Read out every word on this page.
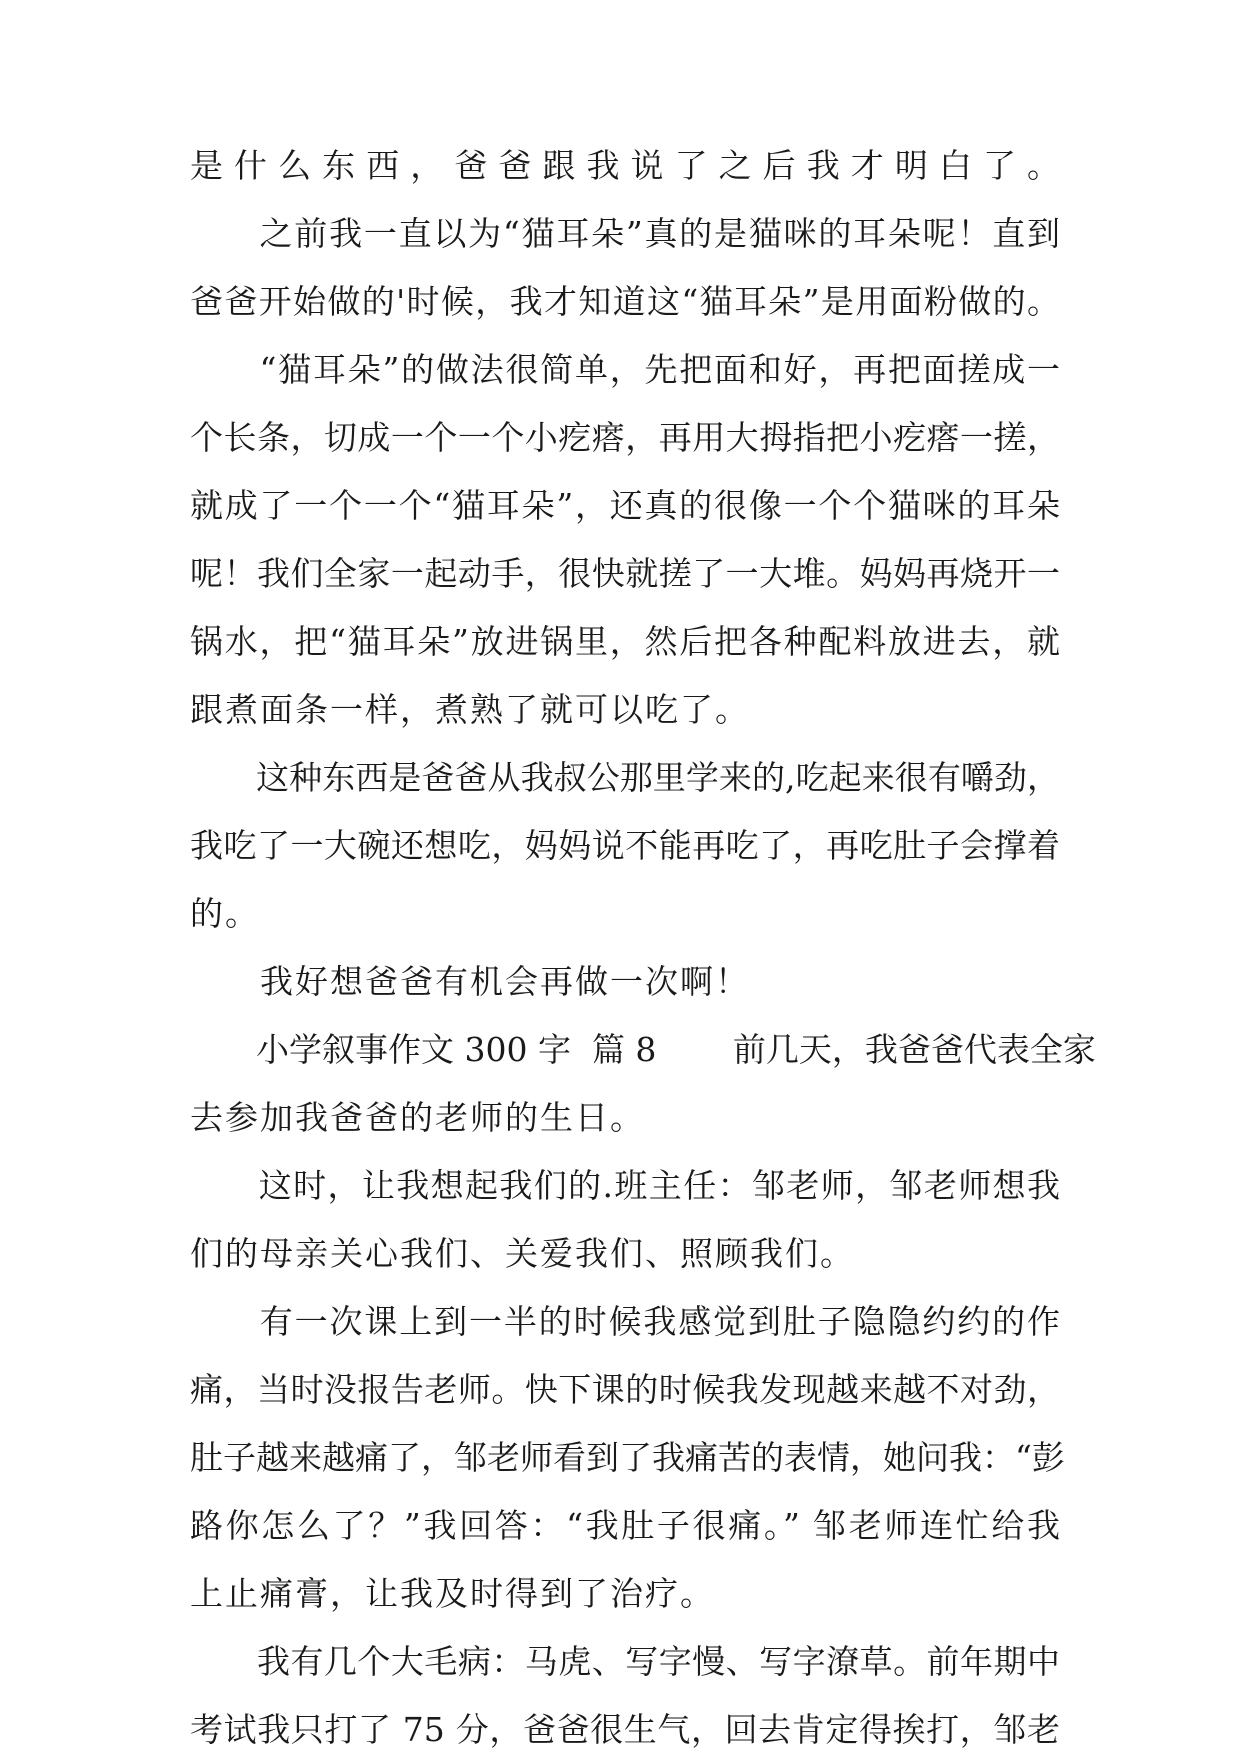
是什么东西，爸爸跟我说了之后我才明白了。
　　之前我一直以为“猫耳朵”真的是猫咪的耳朵呢！直到
爸爸开始做的'时候，我才知道这“猫耳朵”是用面粉做的。
　　“猫耳朵”的做法很简单，先把面和好，再把面搓成一
个长条，切成一个一个小疙瘩，再用大拇指把小疙瘩一搓，
就成了一个一个“猫耳朵”，还真的很像一个个猫咪的耳朵
呢！我们全家一起动手，很快就搓了一大堆。妈妈再烧开一
锅水，把“猫耳朵”放进锅里，然后把各种配料放进去，就
跟煮面条一样，煮熟了就可以吃了。
　　这种东西是爸爸从我叔公那里学来的,吃起来很有嚼劲，
我吃了一大碗还想吃，妈妈说不能再吃了，再吃肚子会撑着
的。
　　我好想爸爸有机会再做一次啊！
　　小学叙事作文 300 字  篇 8　　 前几天，我爸爸代表全家
去参加我爸爸的老师的生日。
　　这时，让我想起我们的.班主任：邹老师，邹老师想我
们的母亲关心我们、关爱我们、照顾我们。
　　有一次课上到一半的时候我感觉到肚子隐隐约约的作
痛，当时没报告老师。快下课的时候我发现越来越不对劲，
肚子越来越痛了，邹老师看到了我痛苦的表情，她问我：“彭
路你怎么了？”我回答：“我肚子很痛。” 邹老师连忙给我
上止痛膏，让我及时得到了治疗。
　　我有几个大毛病：马虎、写字慢、写字潦草。前年期中
考试我只打了 75 分，爸爸很生气，回去肯定得挨打，邹老
